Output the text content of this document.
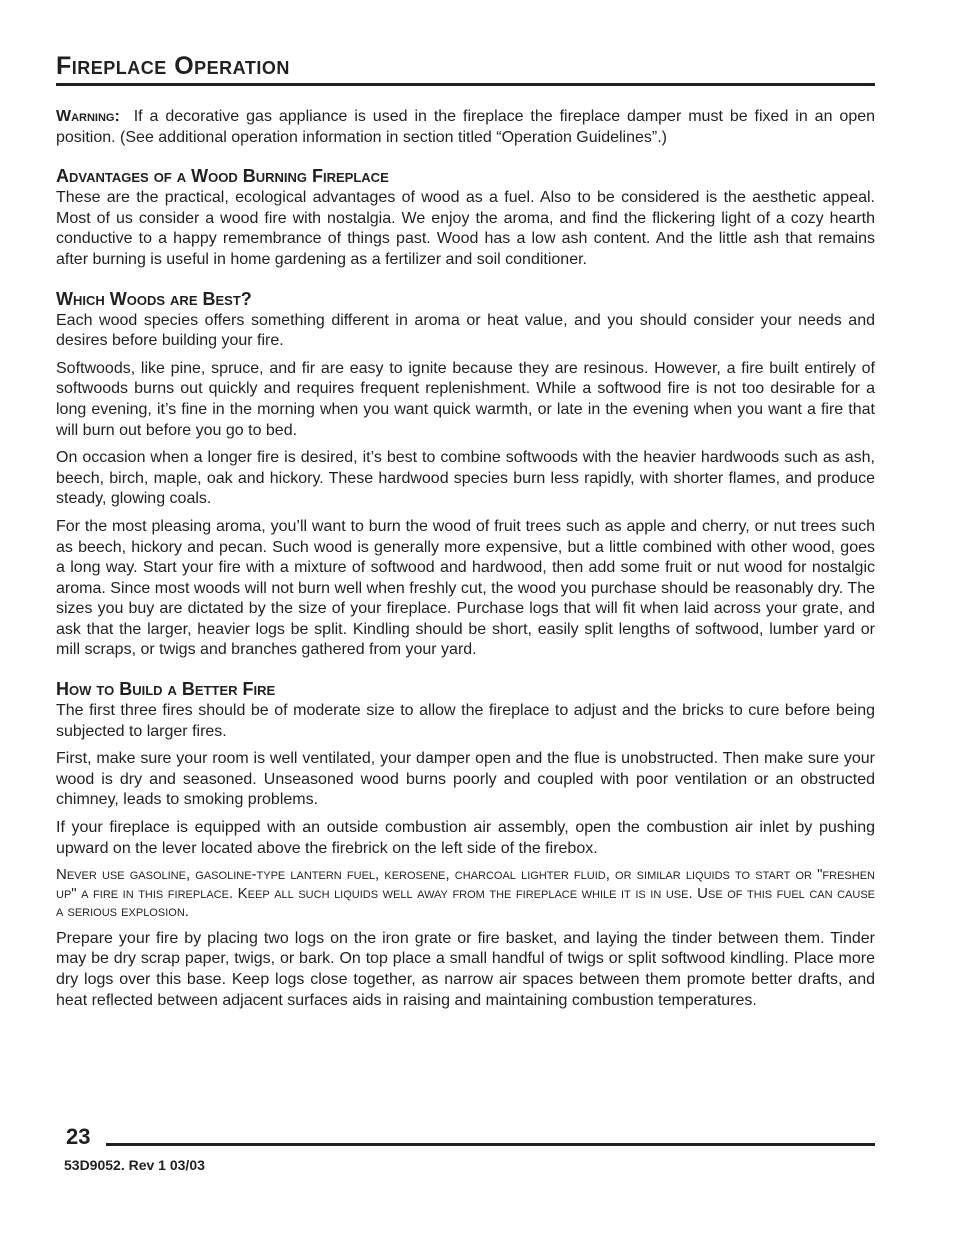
Fireplace Operation

Warning: If a decorative gas appliance is used in the fireplace the fireplace damper must be fixed in an open position. (See additional operation information in section titled “Operation Guidelines”.)

Advantages of a Wood Burning Fireplace

These are the practical, ecological advantages of wood as a fuel. Also to be considered is the aesthetic appeal. Most of us consider a wood fire with nostalgia. We enjoy the aroma, and find the flickering light of a cozy hearth conductive to a happy remembrance of things past. Wood has a low ash content. And the little ash that remains after burning is useful in home gardening as a fertilizer and soil conditioner.

Which Woods are Best?

Each wood species offers something different in aroma or heat value, and you should consider your needs and desires before building your fire.

Softwoods, like pine, spruce, and fir are easy to ignite because they are resinous. However, a fire built entirely of softwoods burns out quickly and requires frequent replenishment. While a softwood fire is not too desirable for a long evening, it’s fine in the morning when you want quick warmth, or late in the evening when you want a fire that will burn out before you go to bed.

On occasion when a longer fire is desired, it’s best to combine softwoods with the heavier hardwoods such as ash, beech, birch, maple, oak and hickory. These hardwood species burn less rapidly, with shorter flames, and produce steady, glowing coals.

For the most pleasing aroma, you’ll want to burn the wood of fruit trees such as apple and cherry, or nut trees such as beech, hickory and pecan. Such wood is generally more expensive, but a little combined with other wood, goes a long way. Start your fire with a mixture of softwood and hardwood, then add some fruit or nut wood for nostalgic aroma. Since most woods will not burn well when freshly cut, the wood you purchase should be reasonably dry. The sizes you buy are dictated by the size of your fireplace. Purchase logs that will fit when laid across your grate, and ask that the larger, heavier logs be split. Kindling should be short, easily split lengths of softwood, lumber yard or mill scraps, or twigs and branches gathered from your yard.

How to Build a Better Fire

The first three fires should be of moderate size to allow the fireplace to adjust and the bricks to cure before being subjected to larger fires.

First, make sure your room is well ventilated, your damper open and the flue is unobstructed. Then make sure your wood is dry and seasoned. Unseasoned wood burns poorly and coupled with poor ventilation or an obstructed chimney, leads to smoking problems.

If your fireplace is equipped with an outside combustion air assembly, open the combustion air inlet by pushing upward on the lever located above the firebrick on the left side of the firebox.

Never use gasoline, gasoline-type lantern fuel, kerosene, charcoal lighter fluid, or similar liquids to start or "freshen up" a fire in this fireplace. Keep all such liquids well away from the fireplace while it is in use. Use of this fuel can cause a serious explosion.

Prepare your fire by placing two logs on the iron grate or fire basket, and laying the tinder between them. Tinder may be dry scrap paper, twigs, or bark. On top place a small handful of twigs or split softwood kindling. Place more dry logs over this base. Keep logs close together, as narrow air spaces between them promote better drafts, and heat reflected between adjacent surfaces aids in raising and maintaining combustion temperatures.

23
53D9052. Rev 1 03/03
